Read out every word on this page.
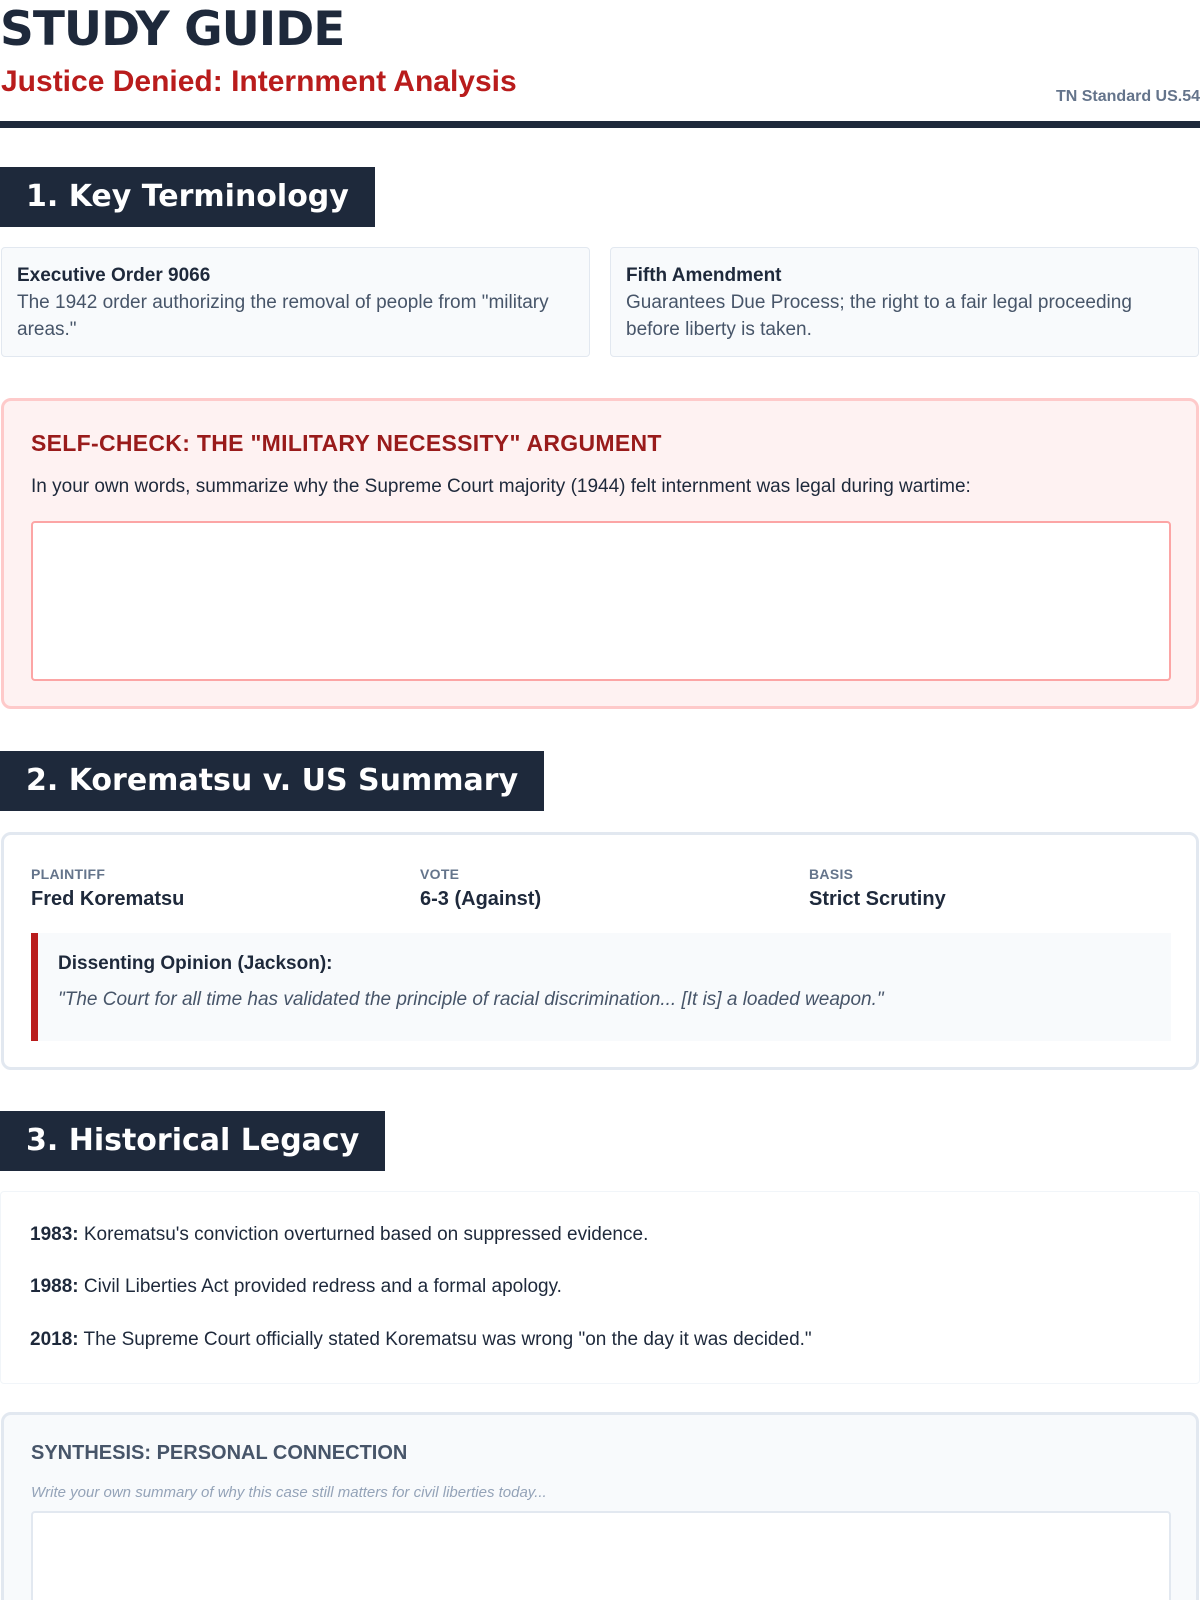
STUDY GUIDE
Justice Denied: Internment Analysis	TN Standard US.54
1. Key Terminology
Executive Order 9066
The 1942 order authorizing the removal of people from "military areas."
Fifth Amendment
Guarantees Due Process; the right to a fair legal proceeding before liberty is taken.
SELF-CHECK: THE "MILITARY NECESSITY" ARGUMENT
In your own words, summarize why the Supreme Court majority (1944) felt internment was legal during wartime:
2. Korematsu v. US Summary
PLAINTIFF
Fred Korematsu
VOTE
6-3 (Against)
BASIS
Strict Scrutiny
Dissenting Opinion (Jackson):
"The Court for all time has validated the principle of racial discrimination... [It is] a loaded weapon."
3. Historical Legacy
1983: Korematsu's conviction overturned based on suppressed evidence.
1988: Civil Liberties Act provided redress and a formal apology.
2018: The Supreme Court officially stated Korematsu was wrong "on the day it was decided."
SYNTHESIS: PERSONAL CONNECTION
Write your own summary of why this case still matters for civil liberties today...
